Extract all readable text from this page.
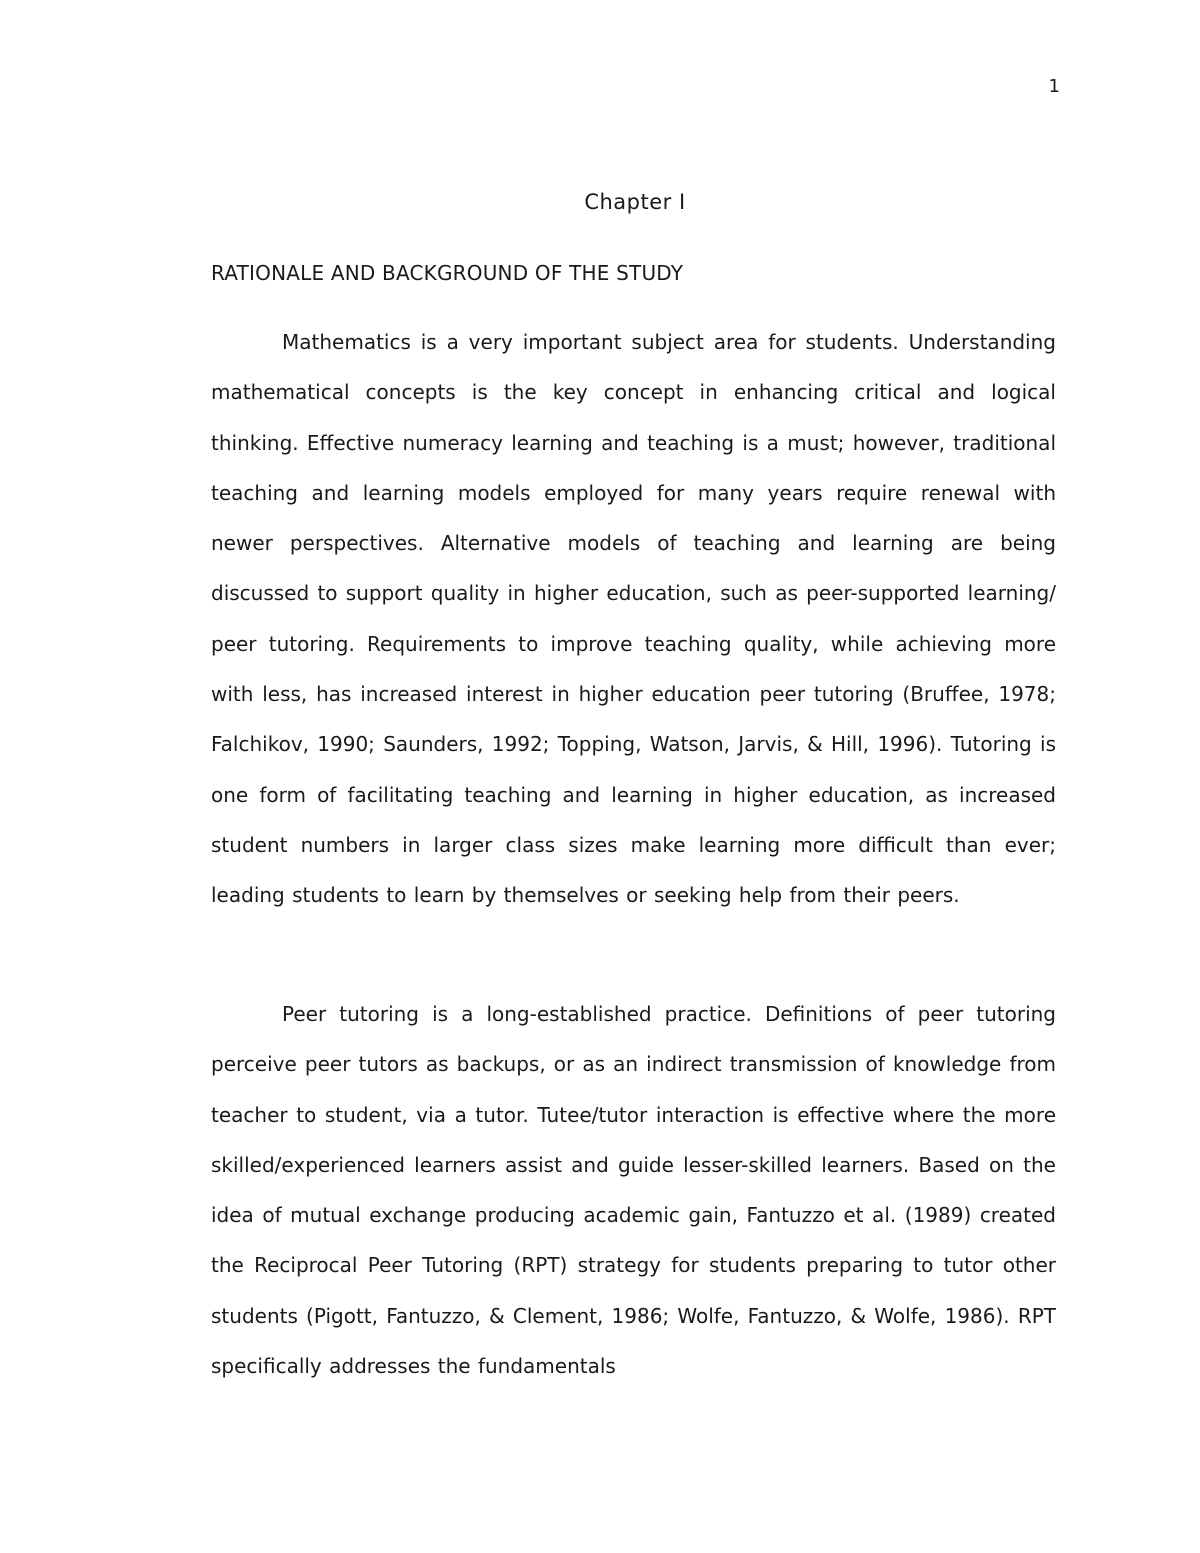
1
Chapter I
RATIONALE AND BACKGROUND OF THE STUDY

Mathematics is a very important subject area for students. Understanding mathematical concepts is the key concept in enhancing critical and logical thinking. Effective numeracy learning and teaching is a must; however, traditional teaching and learning models employed for many years require renewal with newer perspectives. Alternative models of teaching and learning are being discussed to support quality in higher education, such as peer-supported learning/ peer tutoring. Requirements to improve teaching quality, while achieving more with less, has increased interest in higher education peer tutoring (Bruffee, 1978; Falchikov, 1990; Saunders, 1992; Topping, Watson, Jarvis, & Hill, 1996). Tutoring is one form of facilitating teaching and learning in higher education, as increased student numbers in larger class sizes make learning more difficult than ever; leading students to learn by themselves or seeking help from their peers.

Peer tutoring is a long-established practice. Definitions of peer tutoring perceive peer tutors as backups, or as an indirect transmission of knowledge from teacher to student, via a tutor. Tutee/tutor interaction is effective where the more skilled/experienced learners assist and guide lesser-skilled learners. Based on the idea of mutual exchange producing academic gain, Fantuzzo et al. (1989) created the Reciprocal Peer Tutoring (RPT) strategy for students preparing to tutor other students (Pigott, Fantuzzo, & Clement, 1986; Wolfe, Fantuzzo, & Wolfe, 1986). RPT specifically addresses the fundamentals
